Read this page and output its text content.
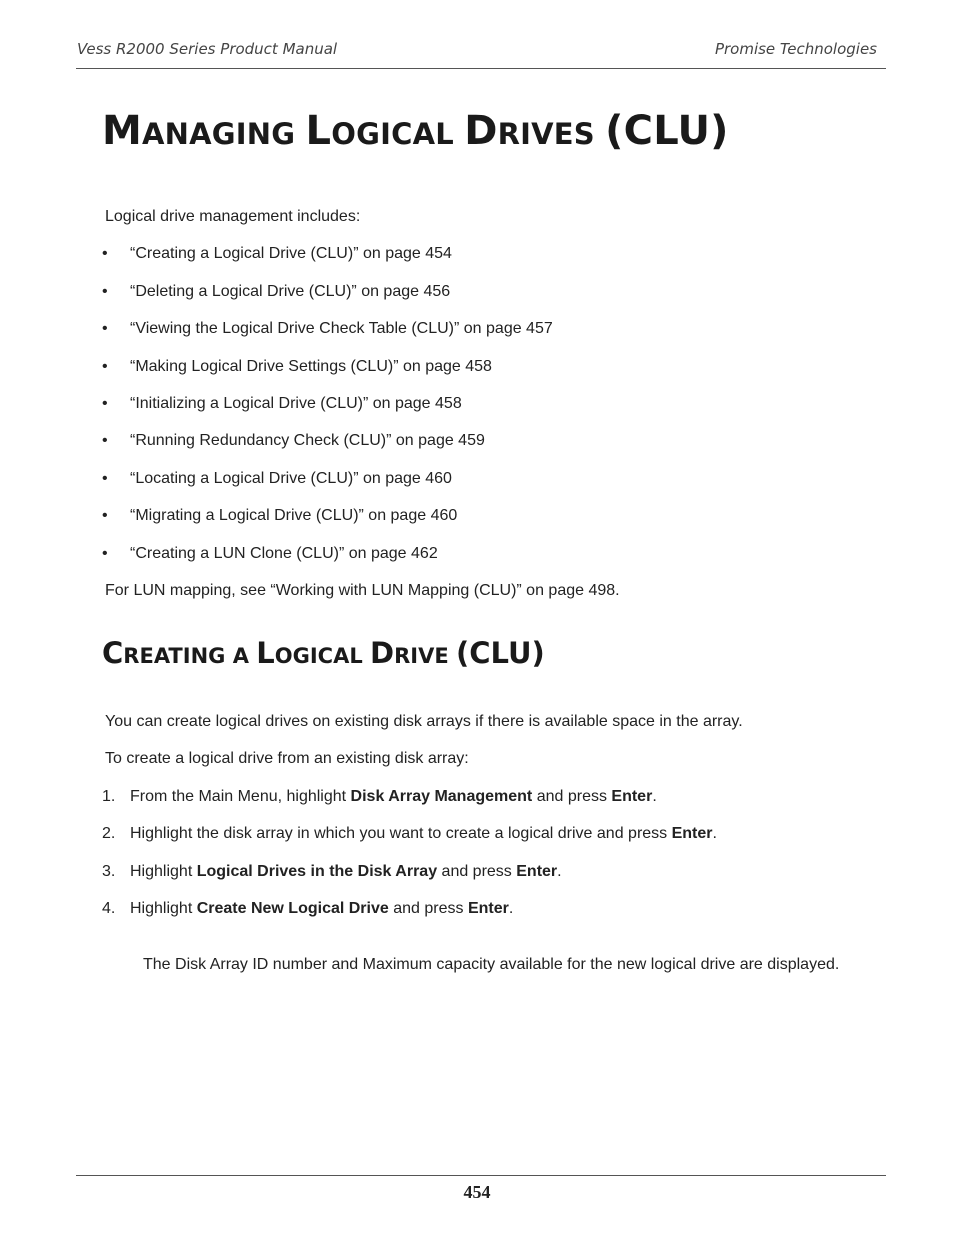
Vess R2000 Series Product Manual	Promise Technologies
MANAGING LOGICAL DRIVES (CLU)
Logical drive management includes:
• “Creating a Logical Drive (CLU)” on page 454
• “Deleting a Logical Drive (CLU)” on page 456
• “Viewing the Logical Drive Check Table (CLU)” on page 457
• “Making Logical Drive Settings (CLU)” on page 458
• “Initializing a Logical Drive (CLU)” on page 458
• “Running Redundancy Check (CLU)” on page 459
• “Locating a Logical Drive (CLU)” on page 460
• “Migrating a Logical Drive (CLU)” on page 460
• “Creating a LUN Clone (CLU)” on page 462
For LUN mapping, see “Working with LUN Mapping (CLU)” on page 498.
CREATING A LOGICAL DRIVE (CLU)
You can create logical drives on existing disk arrays if there is available space in the array.
To create a logical drive from an existing disk array:
1. From the Main Menu, highlight Disk Array Management and press Enter.
2. Highlight the disk array in which you want to create a logical drive and press Enter.
3. Highlight Logical Drives in the Disk Array and press Enter.
4. Highlight Create New Logical Drive and press Enter.
The Disk Array ID number and Maximum capacity available for the new logical drive are displayed.
454
